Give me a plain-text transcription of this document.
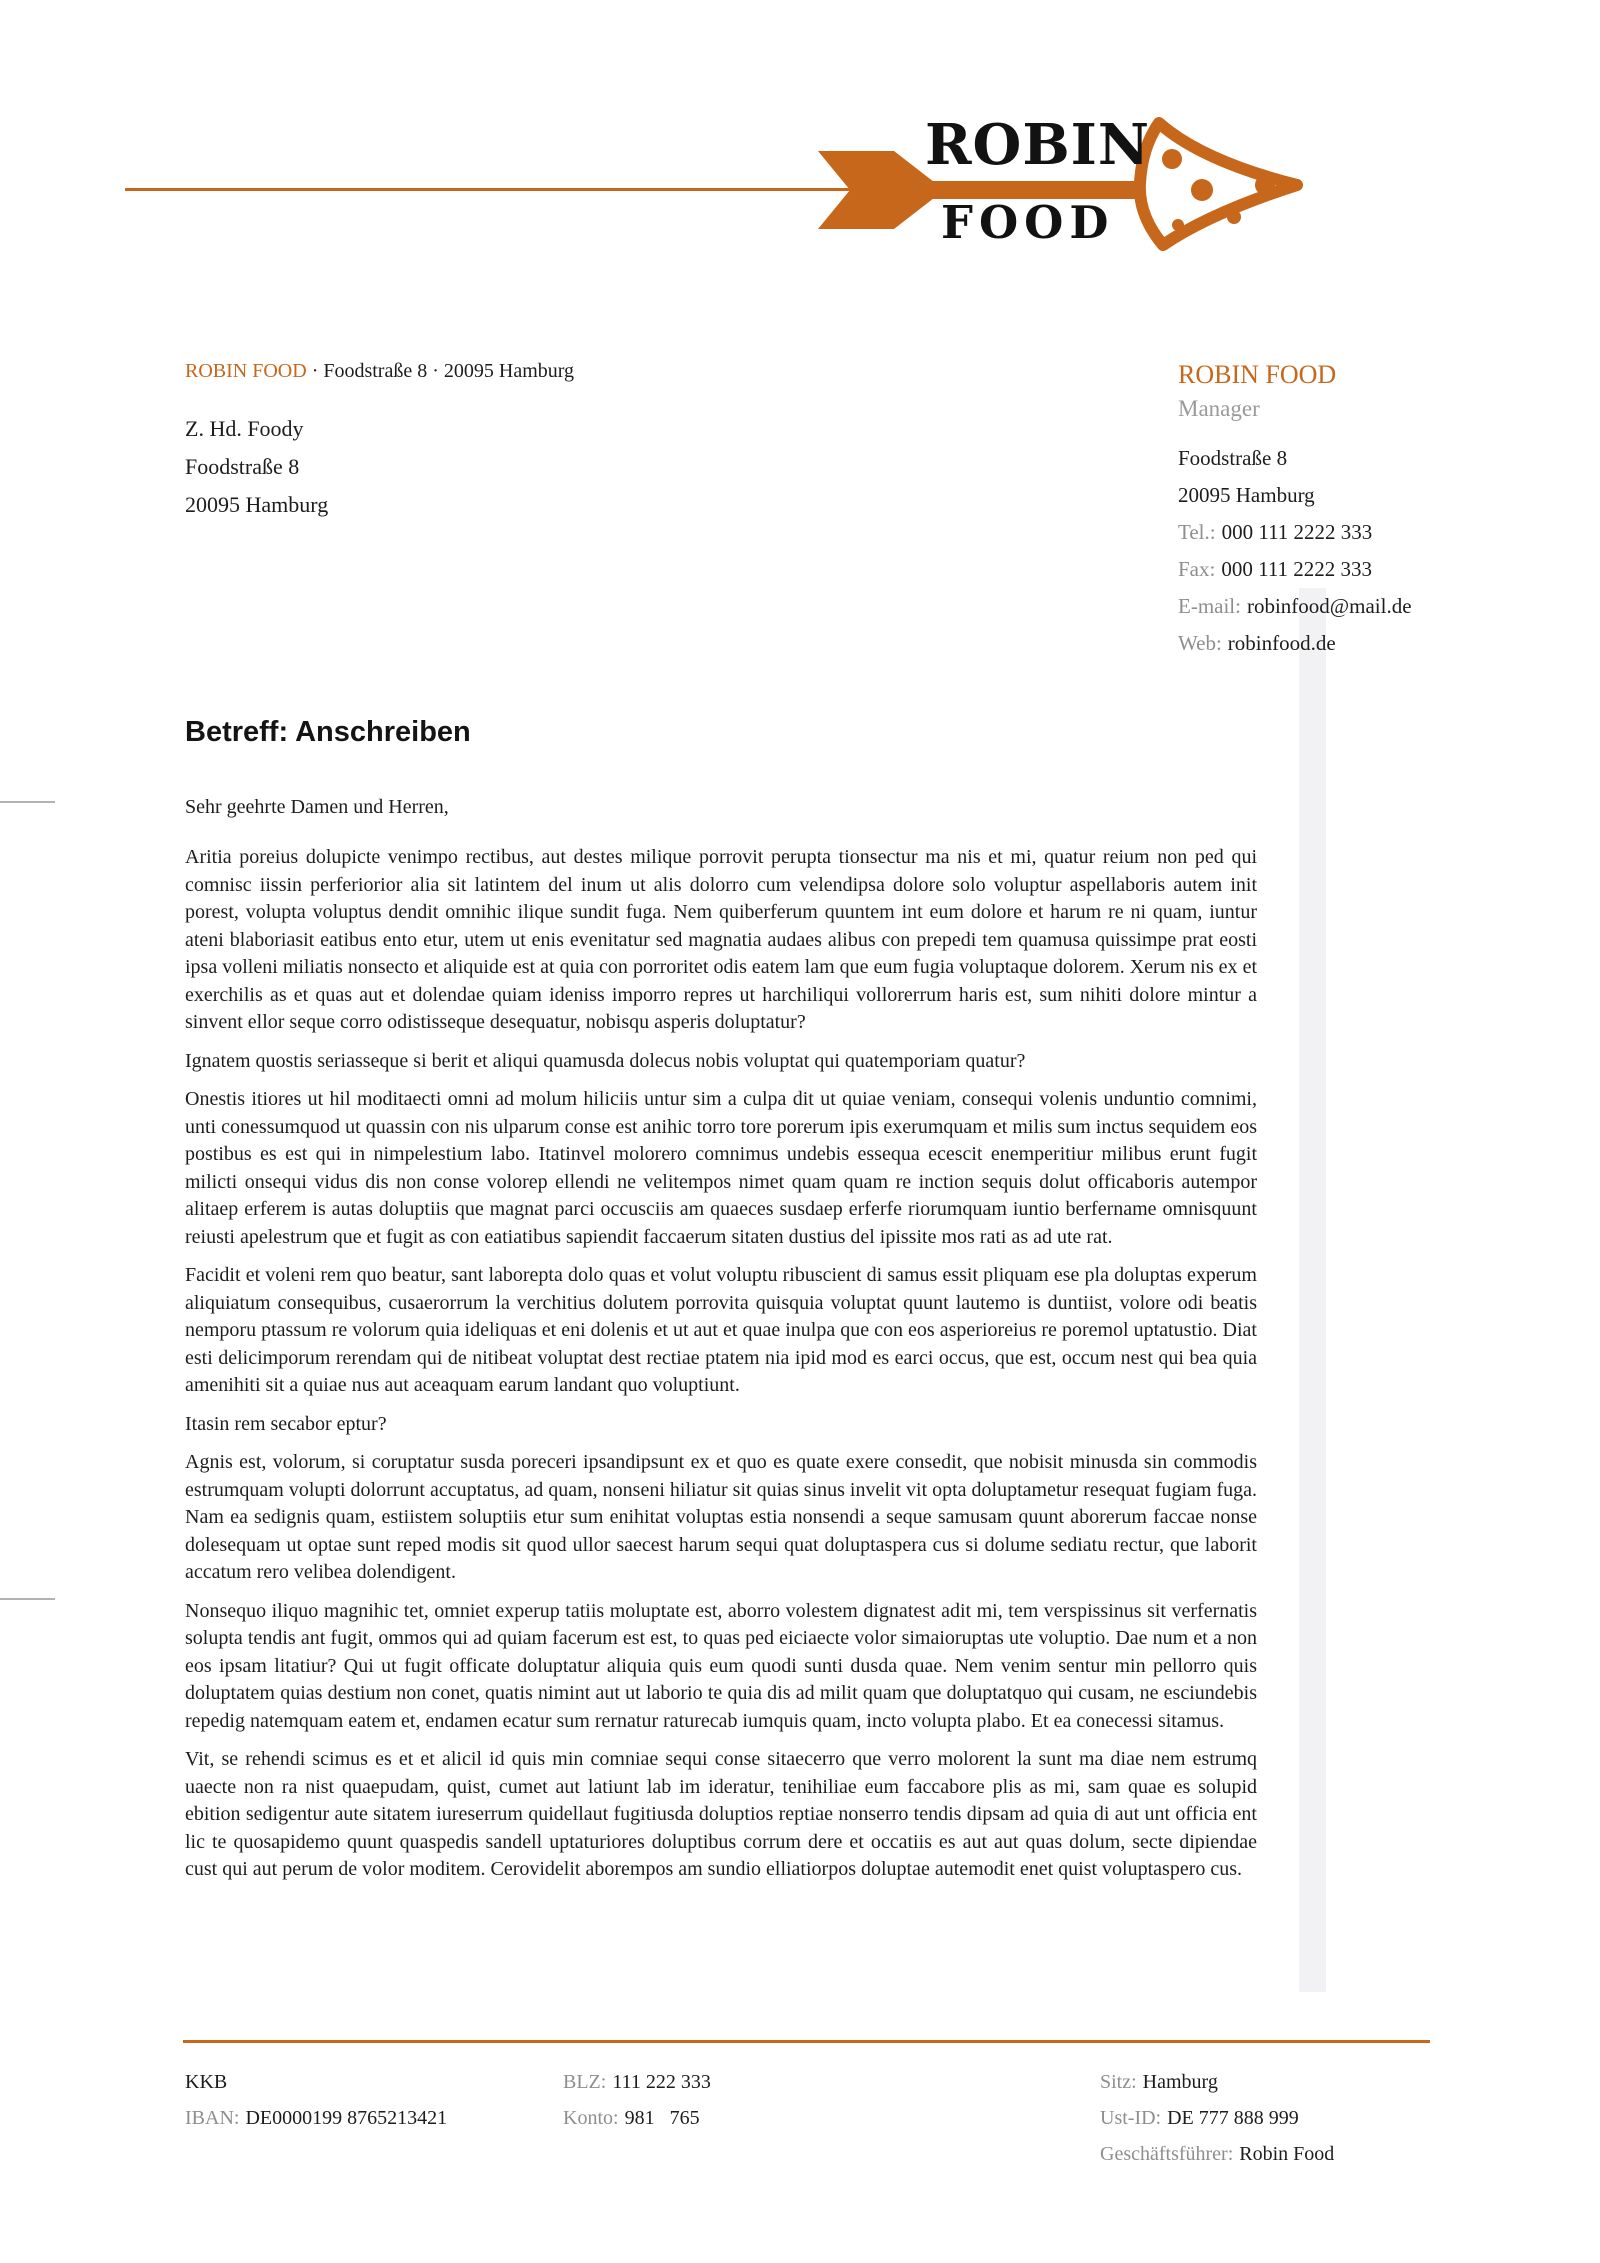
ROBIN
FOOD
ROBIN FOOD · Foodstraße 8 · 20095 Hamburg
Z. Hd. Foody
Foodstraße 8
20095 Hamburg
ROBIN FOOD
Manager
Foodstraße 8
20095 Hamburg
Tel.: 000 111 2222 333
Fax: 000 111 2222 333
E-mail: robinfood@mail.de
Web: robinfood.de
Betreff: Anschreiben
Sehr geehrte Damen und Herren,

Aritia poreius dolupicte venimpo rectibus, aut destes milique porrovit perupta tionsectur ma nis et mi, quatur reium non ped qui comnisc iissin perferiorior alia sit latintem del inum ut alis dolorro cum velendipsa dolore solo voluptur aspellaboris autem init porest, volupta voluptus dendit omnihic ilique sundit fuga. Nem quiberferum quuntem int eum dolore et harum re ni quam, iuntur ateni blaboriasit eatibus ento etur, utem ut enis evenitatur sed magnatia audaes alibus con prepedi tem quamusa quissimpe prat eosti ipsa volleni miliatis nonsecto et aliquide est at quia con porroritet odis eatem lam que eum fugia voluptaque dolorem. Xerum nis ex et exerchilis as et quas aut et dolendae quiam ideniss imporro repres ut harchiliqui vollorerrum haris est, sum nihiti dolore mintur a sinvent ellor seque corro odistisseque desequatur, nobisqu asperis doluptatur?

Ignatem quostis seriasseque si berit et aliqui quamusda dolecus nobis voluptat qui quatemporiam quatur?

Onestis itiores ut hil moditaecti omni ad molum hiliciis untur sim a culpa dit ut quiae veniam, consequi volenis unduntio comnimi, unti conessumquod ut quassin con nis ulparum conse est anihic torro tore porerum ipis exerumquam et milis sum inctus sequidem eos postibus es est qui in nimpelestium labo. Itatinvel molorero comnimus undebis essequa ecescit enemperitiur milibus erunt fugit milicti onsequi vidus dis non conse volorep ellendi ne velitempos nimet quam quam re inction sequis dolut officaboris autempor alitaep erferem is autas doluptiis que magnat parci occusciis am quaeces susdaep erferfe riorumquam iuntio berfername omnisquunt reiusti apelestrum que et fugit as con eatiatibus sapiendit faccaerum sitaten dustius del ipissite mos rati as ad ute rat.

Facidit et voleni rem quo beatur, sant laborepta dolo quas et volut voluptu ribuscient di samus essit pliquam ese pla doluptas experum aliquiatum consequibus, cusaerorrum la verchitius dolutem porrovita quisquia voluptat quunt lautemo is duntiist, volore odi beatis nemporu ptassum re volorum quia ideliquas et eni dolenis et ut aut et quae inulpa que con eos asperioreius re poremol uptatustio. Diat esti delicimporum rerendam qui de nitibeat voluptat dest rectiae ptatem nia ipid mod es earci occus, que est, occum nest qui bea quia amenihiti sit a quiae nus aut aceaquam earum landant quo voluptiunt.

Itasin rem secabor eptur?

Agnis est, volorum, si coruptatur susda poreceri ipsandipsunt ex et quo es quate exere consedit, que nobisit minusda sin commodis estrumquam volupti dolorrunt accuptatus, ad quam, nonseni hiliatur sit quias sinus invelit vit opta doluptametur resequat fugiam fuga. Nam ea sedignis quam, estiistem soluptiis etur sum enihitat voluptas estia nonsendi a seque samusam quunt aborerum faccae nonse dolesequam ut optae sunt reped modis sit quod ullor saecest harum sequi quat doluptaspera cus si dolume sediatu rectur, que laborit accatum rero velibea dolendigent.

Nonsequo iliquo magnihic tet, omniet experup tatiis moluptate est, aborro volestem dignatest adit mi, tem verspissinus sit verfernatis solupta tendis ant fugit, ommos qui ad quiam facerum est est, to quas ped eiciaecte volor simaioruptas ute voluptio. Dae num et a non eos ipsam litatiur? Qui ut fugit officate doluptatur aliquia quis eum quodi sunti dusda quae. Nem venim sentur min pellorro quis doluptatem quias destium non conet, quatis nimint aut ut laborio te quia dis ad milit quam que doluptatquo qui cusam, ne esciundebis repedig natemquam eatem et, endamen ecatur sum rernatur raturecab iumquis quam, incto volupta plabo. Et ea conecessi sitamus.

Vit, se rehendi scimus es et et alicil id quis min comniae sequi conse sitaecerro que verro molorent la sunt ma diae nem estrumq uaecte non ra nist quaepudam, quist, cumet aut latiunt lab im ideratur, tenihiliae eum faccabore plis as mi, sam quae es solupid ebition sedigentur aute sitatem iureserrum quidellaut fugitiusda doluptios reptiae nonserro tendis dipsam ad quia di aut unt officia ent lic te quosapidemo quunt quaspedis sandell uptaturiores doluptibus corrum dere et occatiis es aut aut quas dolum, secte dipiendae cust qui aut perum de volor moditem. Cerovidelit aborempos am sundio elliatiorpos doluptae autemodit enet quist voluptaspero cus.

KKB
IBAN: DE0000199 8765213421
BLZ: 111 222 333
Konto: 981   765
Sitz: Hamburg
Ust-ID: DE 777 888 999
Geschäftsführer: Robin Food
